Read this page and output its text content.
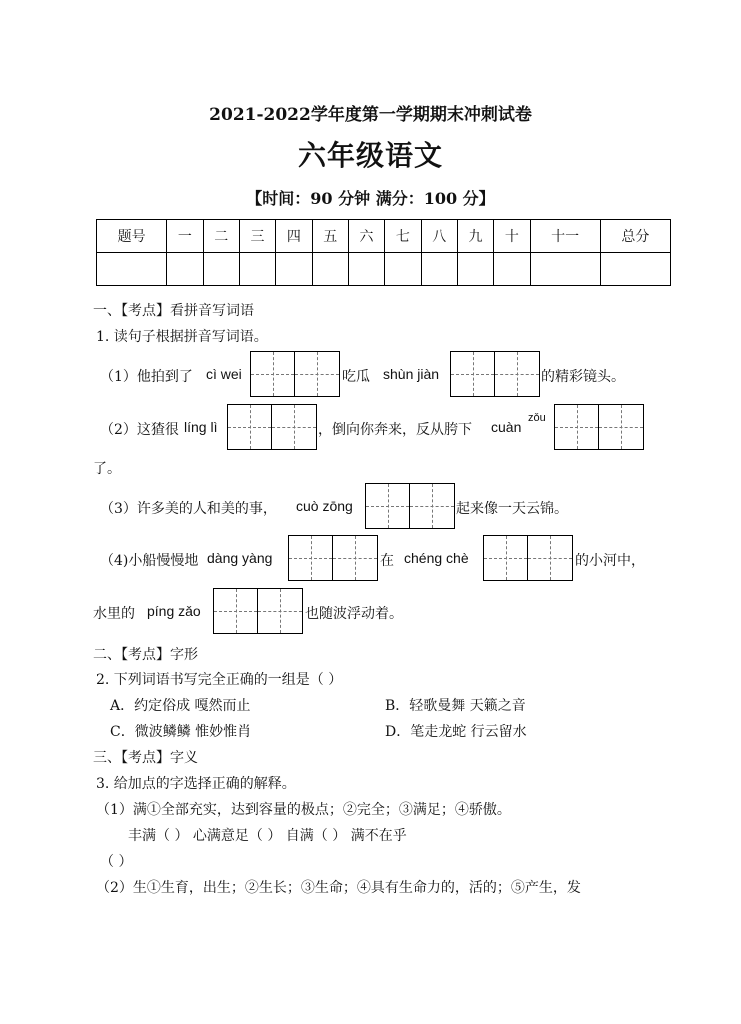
2021-2022学年度第一学期期末冲刺试卷
六年级语文
【时间：90 分钟 满分：100 分】
题号	一	二	三	四	五	六	七	八	九	十	十一	总分

一、【考点】看拼音写词语
1. 读句子根据拼音写词语。
（1）他拍到了 cì wei	吃瓜 shùn jiàn	的精彩镜头。
（2）这猹很 líng lì	，倒向你奔来，反从胯下 cuàn
zǒu
了。
（3）许多美的人和美的事， cuò zōng	起来像一天云锦。
（4)小船慢慢地 dàng yàng	在 chéng chè	的小河中，
水里的 píng zǎo	也随波浮动着。
二、【考点】字形
2. 下列词语书写完全正确的一组是（ ）
A．约定俗成 嘎然而止	B．轻歌曼舞 天籁之音
C．微波鳞鳞 惟妙惟肖	D．笔走龙蛇 行云留水
三、【考点】字义
3. 给加点的字选择正确的解释。
（1）满①全部充实，达到容量的极点；②完全；③满足；④骄傲。
丰满（ ） 心满意足（ ） 自满（ ） 满不在乎
（ ）
（2）生①生育，出生；②生长；③生命；④具有生命力的，活的；⑤产生，发
